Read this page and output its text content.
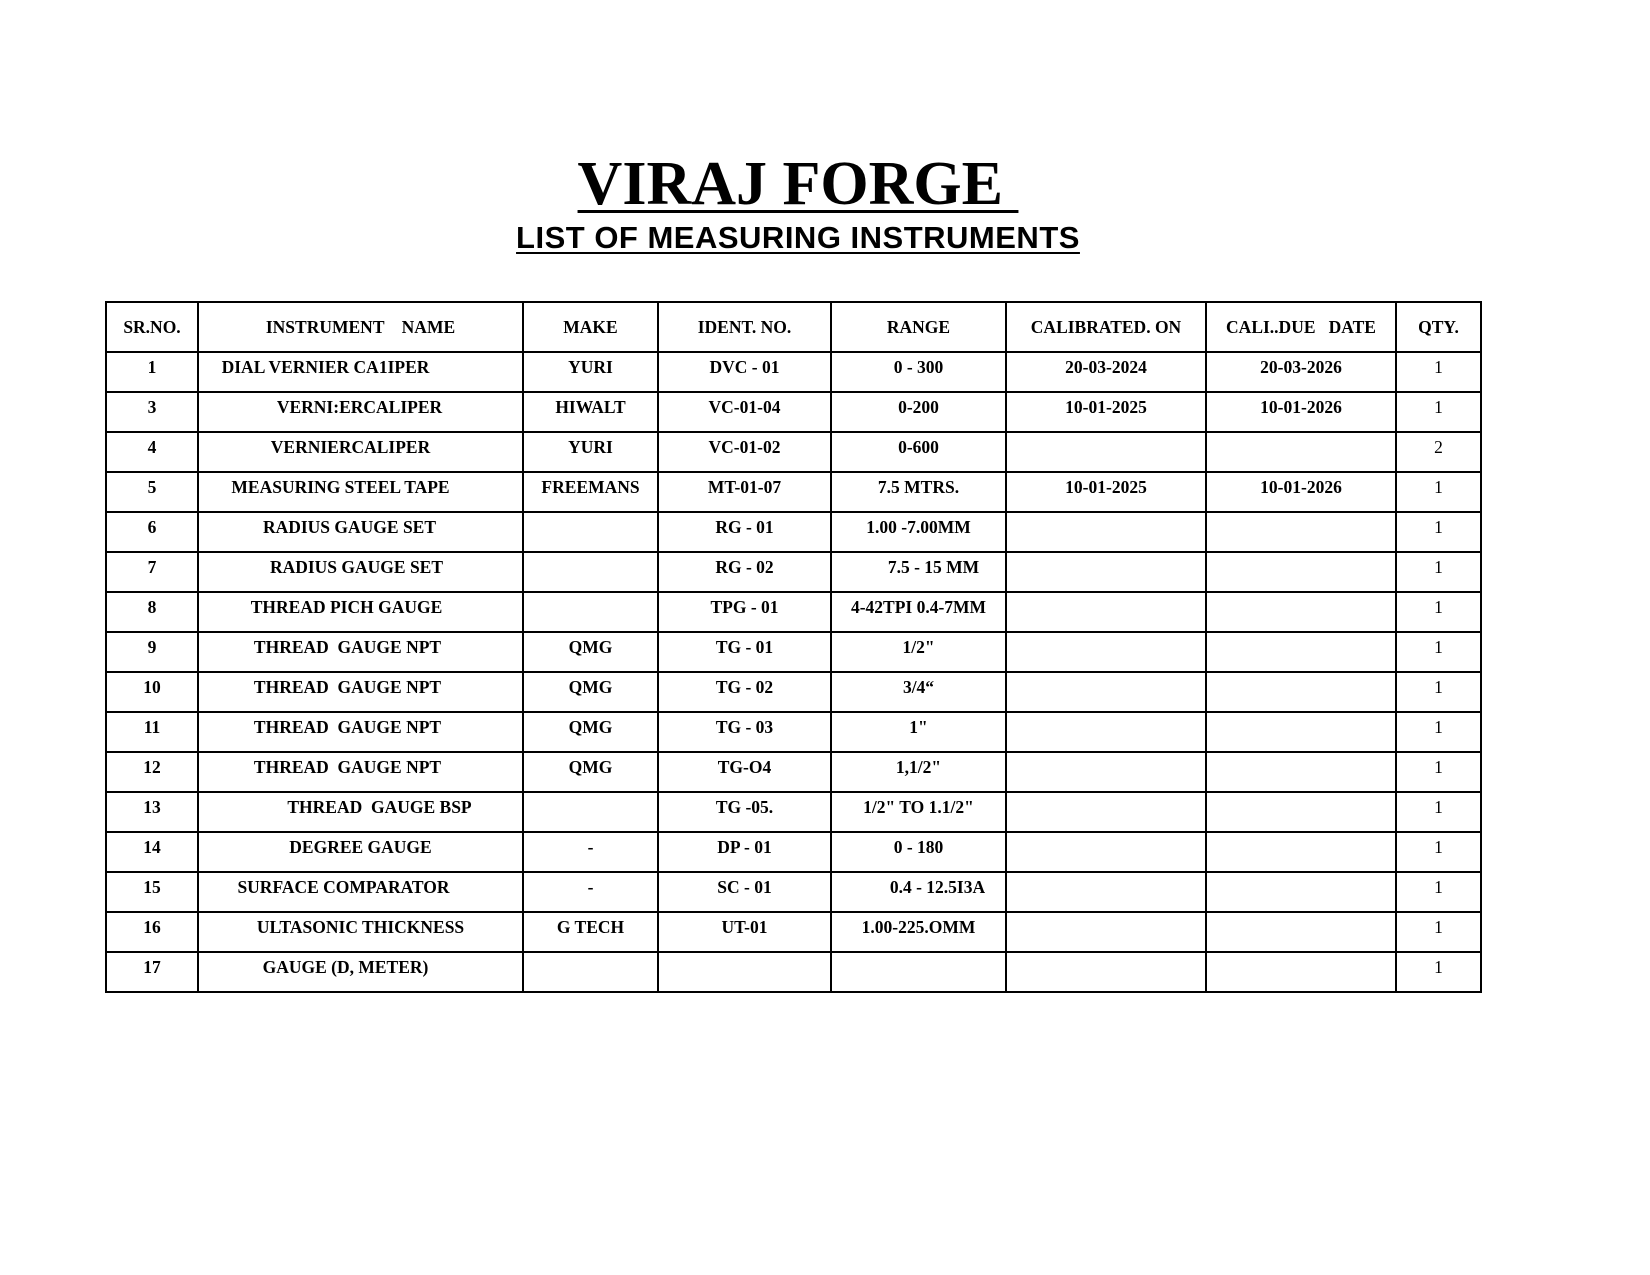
VIRAJ FORGE
LIST OF MEASURING INSTRUMENTS
SR.NO.	INSTRUMENT    NAME	MAKE	IDENT. NO.	RANGE	CALIBRATED. ON	CALI..DUE   DATE	QTY.
1	DIAL VERNIER CA1IPER	YURI	DVC - 01	0 - 300	20-03-2024	20-03-2026	1
3	VERNI:ERCALIPER	HIWALT	VC-01-04	0-200	10-01-2025	10-01-2026	1
4	VERNIERCALIPER	YURI	VC-01-02	0-600			2
5	MEASURING STEEL TAPE	FREEMANS	MT-01-07	7.5 MTRS.	10-01-2025	10-01-2026	1
6	RADIUS GAUGE SET		RG - 01	1.00 -7.00MM			1
7	RADIUS GAUGE SET		RG - 02	7.5 - 15 MM			1
8	THREAD PICH GAUGE		TPG - 01	4-42TPI 0.4-7MM			1
9	THREAD  GAUGE NPT	QMG	TG - 01	1/2"			1
10	THREAD  GAUGE NPT	QMG	TG - 02	3/4“			1
11	THREAD  GAUGE NPT	QMG	TG - 03	1"			1
12	THREAD  GAUGE NPT	QMG	TG-O4	1,1/2"			1
13	THREAD  GAUGE BSP		TG -05.	1/2" TO 1.1/2"			1
14	DEGREE GAUGE	-	DP - 01	0 - 180			1
15	SURFACE COMPARATOR	-	SC - 01	0.4 - 12.5I3A			1
16	ULTASONIC THICKNESS	G TECH	UT-01	1.00-225.OMM			1
17	GAUGE (D, METER)						1
